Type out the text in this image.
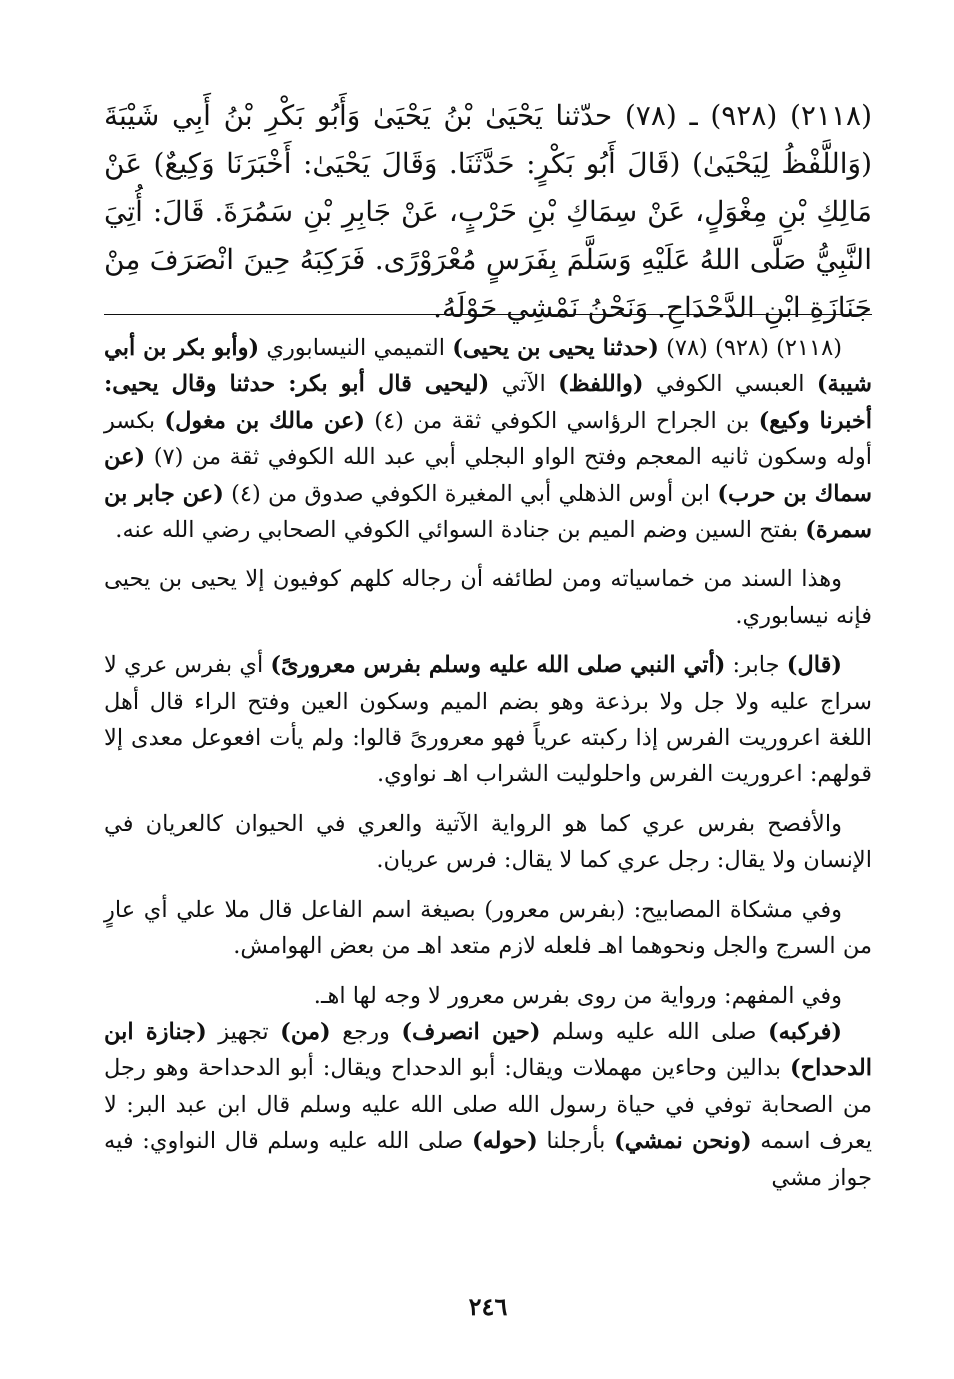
(٢١١٨) (٩٢٨) ـ (٧٨) حدّثنا يَحْيَىٰ بْنُ يَحْيَىٰ وَأَبُو بَكْرِ بْنُ أَبِي شَيْبَةَ (وَاللَّفْظُ لِيَحْيَىٰ) (قَالَ أَبُو بَكْرٍ: حَدَّثَنَا. وَقَالَ يَحْيَىٰ: أَخْبَرَنَا وَكِيعٌ) عَنْ مَالِكِ بْنِ مِغْوَلٍ، عَنْ سِمَاكِ بْنِ حَرْبٍ، عَنْ جَابِرِ بْنِ سَمُرَةَ. قَالَ: أُتِيَ النَّبِيُّ صَلَّى اللهُ عَلَيْهِ وَسَلَّمَ بِفَرَسٍ مُعْرَوْرًى. فَرَكِبَهُ حِينَ انْصَرَفَ مِنْ جَنَازَةِ ابْنِ الدَّحْدَاحِ. وَنَحْنُ نَمْشِي حَوْلَهُ.

(٢١١٨) (٩٢٨) (٧٨) (حدثنا يحيى بن يحيى) التميمي النيسابوري (وأبو بكر بن أبي شيبة) العبسي الكوفي (واللفظ) الآتي (ليحيى قال أبو بكر: حدثنا وقال يحيى: أخبرنا وكيع) بن الجراح الرؤاسي الكوفي ثقة من (٤) (عن مالك بن مغول) بكسر أوله وسكون ثانيه المعجم وفتح الواو البجلي أبي عبد الله الكوفي ثقة من (٧) (عن سماك بن حرب) ابن أوس الذهلي أبي المغيرة الكوفي صدوق من (٤) (عن جابر بن سمرة) بفتح السين وضم الميم بن جنادة السوائي الكوفي الصحابي رضي الله عنه.

وهذا السند من خماسياته ومن لطائفه أن رجاله كلهم كوفيون إلا يحيى بن يحيى فإنه نيسابوري.

(قال) جابر: (أتي النبي صلى الله عليه وسلم بفرس معرورىً) أي بفرس عري لا سراج عليه ولا جل ولا برذعة وهو بضم الميم وسكون العين وفتح الراء قال أهل اللغة اعروريت الفرس إذا ركبته عرياً فهو معرورىً قالوا: ولم يأت افعوعل معدى إلا قولهم: اعروريت الفرس واحلوليت الشراب اهـ نواوي.

والأفصح بفرس عري كما هو الرواية الآتية والعري في الحيوان كالعريان في الإنسان ولا يقال: رجل عري كما لا يقال: فرس عريان.

وفي مشكاة المصابيح: (بفرس معرور) بصيغة اسم الفاعل قال ملا علي أي عارٍ من السرج والجل ونحوهما اهـ فلعله لازم متعد اهـ من بعض الهوامش.

وفي المفهم: ورواية من روى بفرس معرور لا وجه لها اهـ.

(فركبه) صلى الله عليه وسلم (حين انصرف) ورجع (من) تجهيز (جنازة ابن الدحداح) بدالين وحاءين مهملات ويقال: أبو الدحداح ويقال: أبو الدحداحة وهو رجل من الصحابة توفي في حياة رسول الله صلى الله عليه وسلم قال ابن عبد البر: لا يعرف اسمه (ونحن نمشي) بأرجلنا (حوله) صلى الله عليه وسلم قال النواوي: فيه جواز مشي

٢٤٦
